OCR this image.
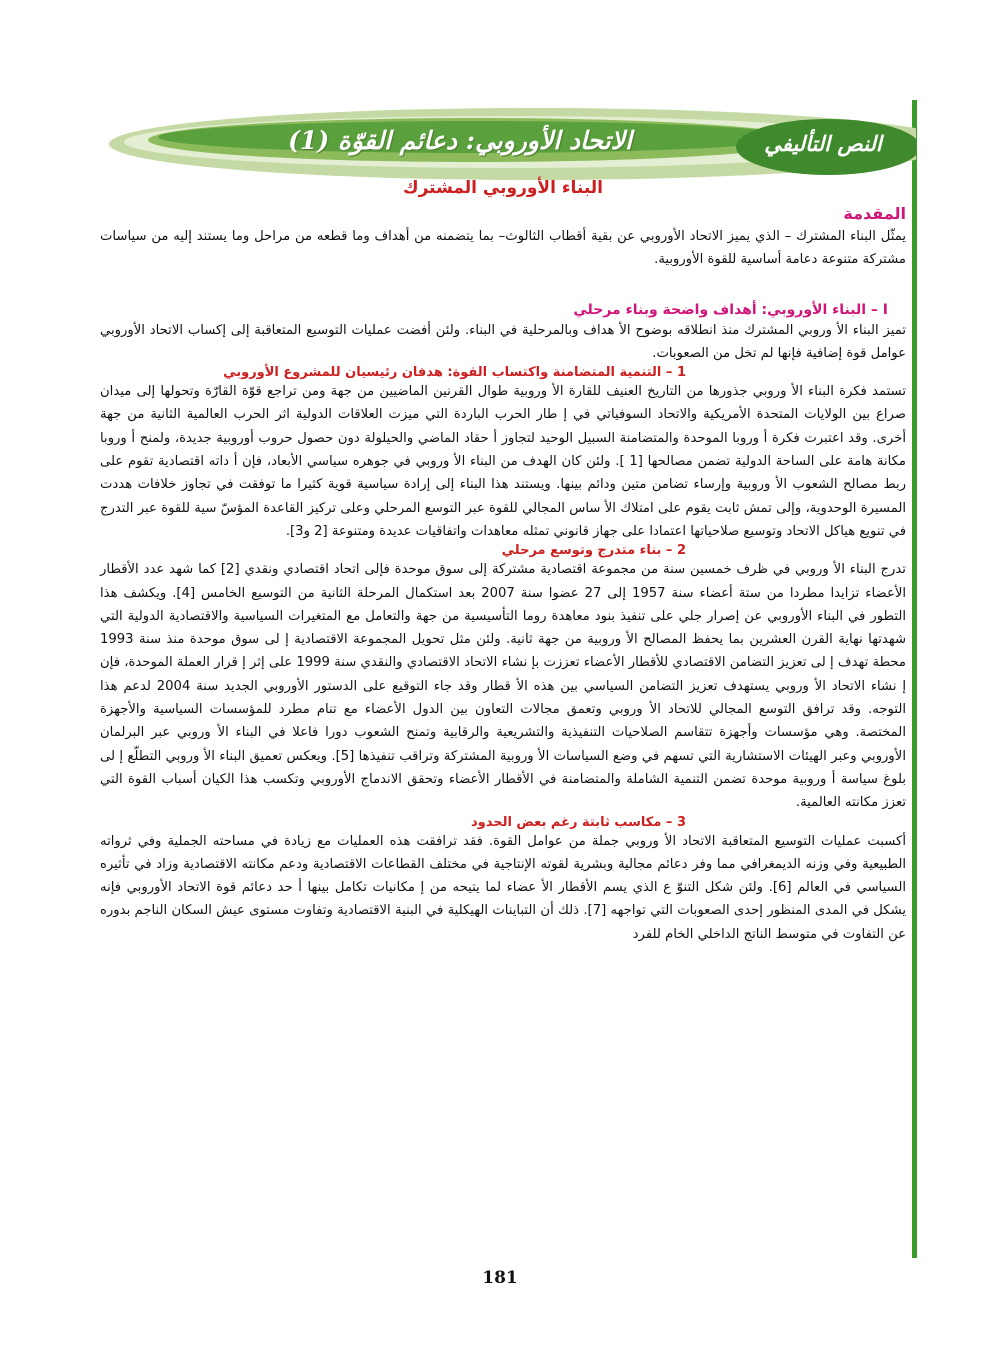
الاتحاد الأوروبي: دعائم القوّة (1)	النص التأليفي
البناء الأوروبي المشترك
المقدمة

يمثّل البناء المشترك – الذي يميز الاتحاد الأوروبي عن بقية أقطاب الثالوث– بما يتضمنه من أهداف وما قطعه من مراحل وما يستند إليه من سياسات مشتركة متنوعة دعامة أساسية للقوة الأوروبية.

I – البناء الأوروبي: أهداف واضحة وبناء مرحلي

تميز البناء الأ وروبي المشترك منذ انطلاقه بوضوح الأ هداف وبالمرحلية في البناء. ولئن أفضت عمليات التوسيع المتعاقبة إلى إكساب الاتحاد الأوروبي عوامل قوة إضافية فإنها لم تخل من الصعوبات.

1 – التنمية المتضامنة واكتساب القوة: هدفان رئيسيان للمشروع الأوروبي

تستمد فكرة البناء الأ وروبي جذورها من التاريخ العنيف للقارة الأ وروبية طوال القرنين الماضيين من جهة ومن تراجع قوّة القارّة وتحولها إلى ميدان صراع بين الولايات المتحدة الأمريكية والاتحاد السوفياتي في إ طار الحرب الباردة التي ميزت العلاقات الدولية اثر الحرب العالمية الثانية من جهة أخرى. وقد اعتبرت فكرة أ وروبا الموحدة والمتضامنة السبيل الوحيد لتجاوز أ حقاد الماضي والحيلولة دون حصول حروب أوروبية جديدة، ولمنح أ وروبا مكانة هامة على الساحة الدولية تضمن مصالحها [1 ]. ولئن كان الهدف من البناء الأ وروبي في جوهره سياسي الأبعاد، فإن أ داته اقتصادية تقوم على ربط مصالح الشعوب الأ وروبية وإرساء تضامن متين ودائم بينها. ويستند هذا البناء إلى إرادة سياسية قوية كثيرا ما توفقت في تجاوز خلافات هددت المسيرة الوحدوية، وإلى تمش ثابت يقوم على امتلاك الأ ساس المجالي للقوة عبر التوسع المرحلي وعلى تركيز القاعدة المؤسّ سية للقوة عبر التدرج في تنويع هياكل الاتحاد وتوسيع صلاحياتها اعتمادا على جهاز قانوني تمثله معاهدات واتفاقيات عديدة ومتنوعة [2 و3].

2 – بناء متدرج وتوسع مرحلي

تدرج البناء الأ وروبي في ظرف خمسين سنة من مجموعة اقتصادية مشتركة إلى سوق موحدة فإلى اتحاد اقتصادي ونقدي [2] كما شهد عدد الأقطار الأعضاء تزايدا مطردا من ستة أعضاء سنة 1957 إلى 27 عضوا سنة 2007 بعد استكمال المرحلة الثانية من التوسيع الخامس [4]. ويكشف هذا التطور في البناء الأوروبي عن إصرار جلي على تنفيذ بنود معاهدة روما التأسيسية من جهة والتعامل مع المتغيرات السياسية والاقتصادية الدولية التي شهدتها نهاية القرن العشرين بما يحفظ المصالح الأ وروبية من جهة ثانية. ولئن مثل تحويل المجموعة الاقتصادية إ لى سوق موحدة منذ سنة 1993 محطة تهدف إ لى تعزيز التضامن الاقتصادي للأقطار الأعضاء تعززت بإ نشاء الاتحاد الاقتصادي والنقدي سنة 1999 على إثر إ قرار العملة الموحدة، فإن إ نشاء الاتحاد الأ وروبي يستهدف تعزيز التضامن السياسي بين هذه الأ قطار وقد جاء التوقيع على الدستور الأوروبي الجديد سنة 2004 لدعم هذا التوجه. وقد ترافق التوسع المجالي للاتحاد الأ وروبي وتعمق مجالات التعاون بين الدول الأعضاء مع تنام مطرد للمؤسسات السياسية والأجهزة المختصة. وهي مؤسسات وأجهزة تتقاسم الصلاحيات التنفيذية والتشريعية والرقابية وتمنح الشعوب دورا فاعلا في البناء الأ وروبي عبر البرلمان الأوروبي وعبر الهيئات الاستشارية التي تسهم في وضع السياسات الأ وروبية المشتركة وتراقب تنفيذها [5]. ويعكس تعميق البناء الأ وروبي التطلّع إ لى بلوغ سياسة أ وروبية موحدة تضمن التنمية الشاملة والمتضامنة في الأقطار الأعضاء وتحقق الاندماج الأوروبي وتكسب هذا الكيان أسباب القوة التي تعزز مكانته العالمية.

3 – مكاسب ثابتة رغم بعض الحدود

أكسبت عمليات التوسيع المتعاقبة الاتحاد الأ وروبي جملة من عوامل القوة. فقد ترافقت هذه العمليات مع زيادة في مساحته الجملية وفي ثرواته الطبيعية وفي وزنه الديمغرافي مما وفر دعائم مجالية وبشرية لقوته الإنتاجية في مختلف القطاعات الاقتصادية ودعم مكانته الاقتصادية وزاد في تأثيره السياسي في العالم [6]. ولئن شكل التنوّ ع الذي يسم الأقطار الأ عضاء لما يتيحه من إ مكانيات تكامل بينها أ حد دعائم قوة الاتحاد الأوروبي فإنه يشكل في المدى المنظور إحدى الصعوبات التي تواجهه [7]. ذلك أن التباينات الهيكلية في البنية الاقتصادية وتفاوت مستوى عيش السكان الناجم بدوره عن التفاوت في متوسط الناتج الداخلي الخام للفرد

181
